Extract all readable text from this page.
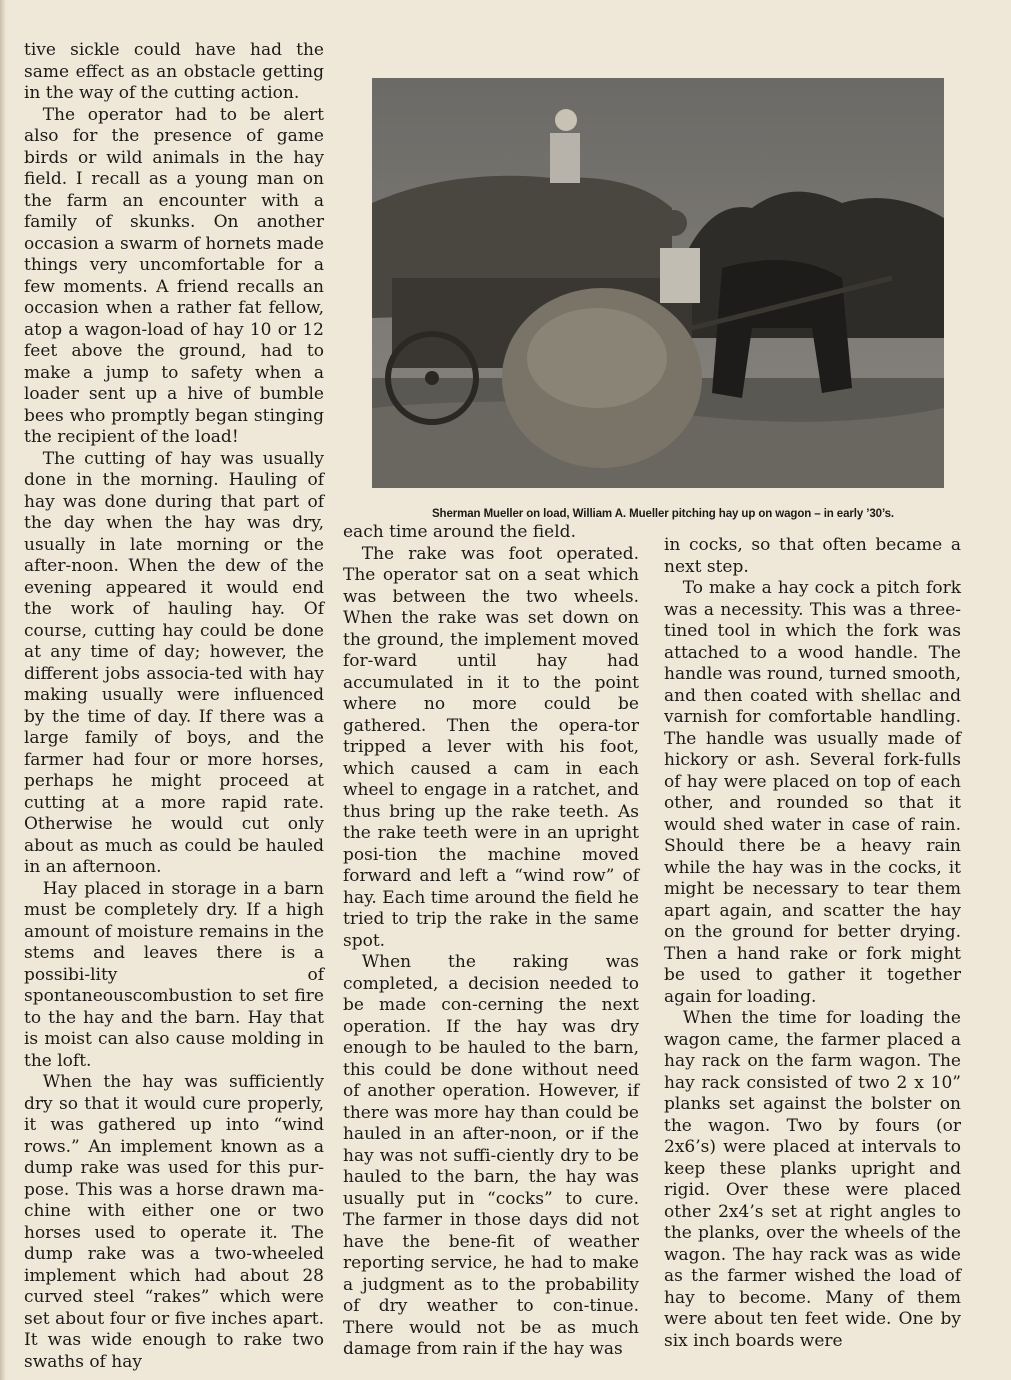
tive sickle could have had the same effect as an obstacle getting in the way of the cutting action.

The operator had to be alert also for the presence of game birds or wild animals in the hay field. I recall as a young man on the farm an encounter with a family of skunks. On another occasion a swarm of hornets made things very uncomfortable for a few moments. A friend recalls an occasion when a rather fat fellow, atop a wagon-load of hay 10 or 12 feet above the ground, had to make a jump to safety when a loader sent up a hive of bumble bees who promptly began stinging the recipient of the load!

The cutting of hay was usually done in the morning. Hauling of hay was done during that part of the day when the hay was dry, usually in late morning or the after-noon. When the dew of the evening appeared it would end the work of hauling hay. Of course, cutting hay could be done at any time of day; however, the different jobs associa-ted with hay making usually were influenced by the time of day. If there was a large family of boys, and the farmer had four or more horses, perhaps he might proceed at cutting at a more rapid rate. Otherwise he would cut only about as much as could be hauled in an afternoon.

Hay placed in storage in a barn must be completely dry. If a high amount of moisture remains in the stems and leaves there is a possibi-lity of spontaneouscombustion to set fire to the hay and the barn. Hay that is moist can also cause molding in the loft.

When the hay was sufficiently dry so that it would cure properly, it was gathered up into “wind rows.” An implement known as a dump rake was used for this pur-pose. This was a horse drawn ma-chine with either one or two horses used to operate it. The dump rake was a two-wheeled implement which had about 28 curved steel “rakes” which were set about four or five inches apart. It was wide enough to rake two swaths of hay

Sherman Mueller on load, William A. Mueller pitching hay up on wagon – in early ’30’s.

each time around the field.

The rake was foot operated. The operator sat on a seat which was between the two wheels. When the rake was set down on the ground, the implement moved for-ward until hay had accumulated in it to the point where no more could be gathered. Then the opera-tor tripped a lever with his foot, which caused a cam in each wheel to engage in a ratchet, and thus bring up the rake teeth. As the rake teeth were in an upright posi-tion the machine moved forward and left a “wind row” of hay. Each time around the field he tried to trip the rake in the same spot.

When the raking was completed, a decision needed to be made con-cerning the next operation. If the hay was dry enough to be hauled to the barn, this could be done without need of another operation. However, if there was more hay than could be hauled in an after-noon, or if the hay was not suffi-ciently dry to be hauled to the barn, the hay was usually put in “cocks” to cure. The farmer in those days did not have the bene-fit of weather reporting service, he had to make a judgment as to the probability of dry weather to con-tinue. There would not be as much damage from rain if the hay was

in cocks, so that often became a next step.

To make a hay cock a pitch fork was a necessity. This was a three-tined tool in which the fork was attached to a wood handle. The handle was round, turned smooth, and then coated with shellac and varnish for comfortable handling. The handle was usually made of hickory or ash. Several fork-fulls of hay were placed on top of each other, and rounded so that it would shed water in case of rain. Should there be a heavy rain while the hay was in the cocks, it might be necessary to tear them apart again, and scatter the hay on the ground for better drying. Then a hand rake or fork might be used to gather it together again for loading.

When the time for loading the wagon came, the farmer placed a hay rack on the farm wagon. The hay rack consisted of two 2 x 10” planks set against the bolster on the wagon. Two by fours (or 2x6’s) were placed at intervals to keep these planks upright and rigid. Over these were placed other 2x4’s set at right angles to the planks, over the wheels of the wagon. The hay rack was as wide as the farmer wished the load of hay to become. Many of them were about ten feet wide. One by six inch boards were
